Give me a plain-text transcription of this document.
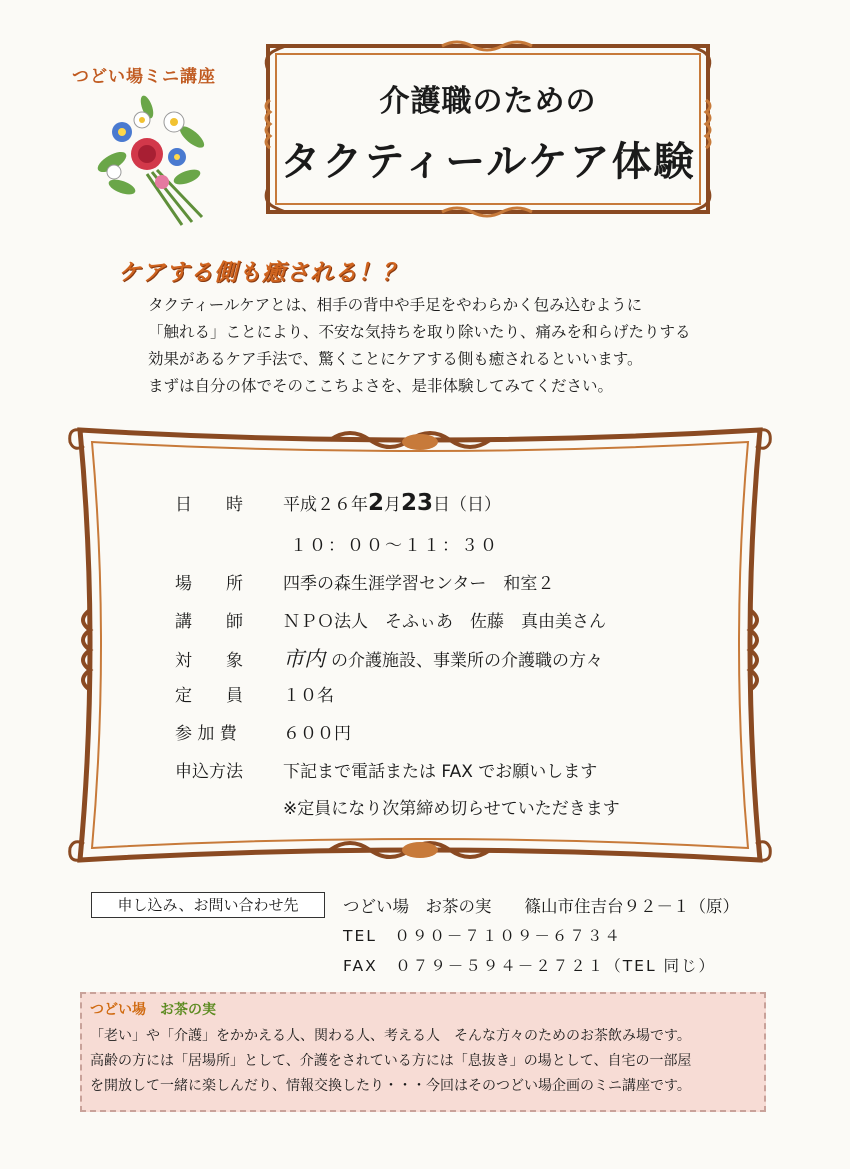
つどい場ミニ講座
介護職のための
タクティールケア体験
ケアする側も癒される！？
タクティールケアとは、相手の背中や手足をやわらかく包み込むように
「触れる」ことにより、不安な気持ちを取り除いたり、痛みを和らげたりする
効果があるケア手法で、驚くことにケアする側も癒されるといいます。
まずは自分の体でそのここちよさを、是非体験してみてください。
日　　時 平成２６年2月23日（日）
１０：００～１１：３０
場　　所 四季の森生涯学習センター　和室２
講　　師 ＮＰＯ法人　そふぃあ　佐藤　真由美さん
対　　象 市内 の介護施設、事業所の介護職の方々
定　　員 １０名
参 加 費	６００円
申込方法 下記まで電話または FAX でお願いします
※定員になり次第締め切らせていただきます
申し込み、お問い合わせ先	つどい場　お茶の実　　篠山市住吉台９２－１（原）
TEL　０９０－７１０９－６７３４
FAX　０７９－５９４－２７２１（TEL 同じ）
つどい場　 お茶の実
「老い」や「介護」をかかえる人、関わる人、考える人　そんな方々のためのお茶飲み場です。
高齢の方には「居場所」として、介護をされている方には「息抜き」の場として、自宅の一部屋
を開放して一緒に楽しんだり、情報交換したり・・・今回はそのつどい場企画のミニ講座です。
